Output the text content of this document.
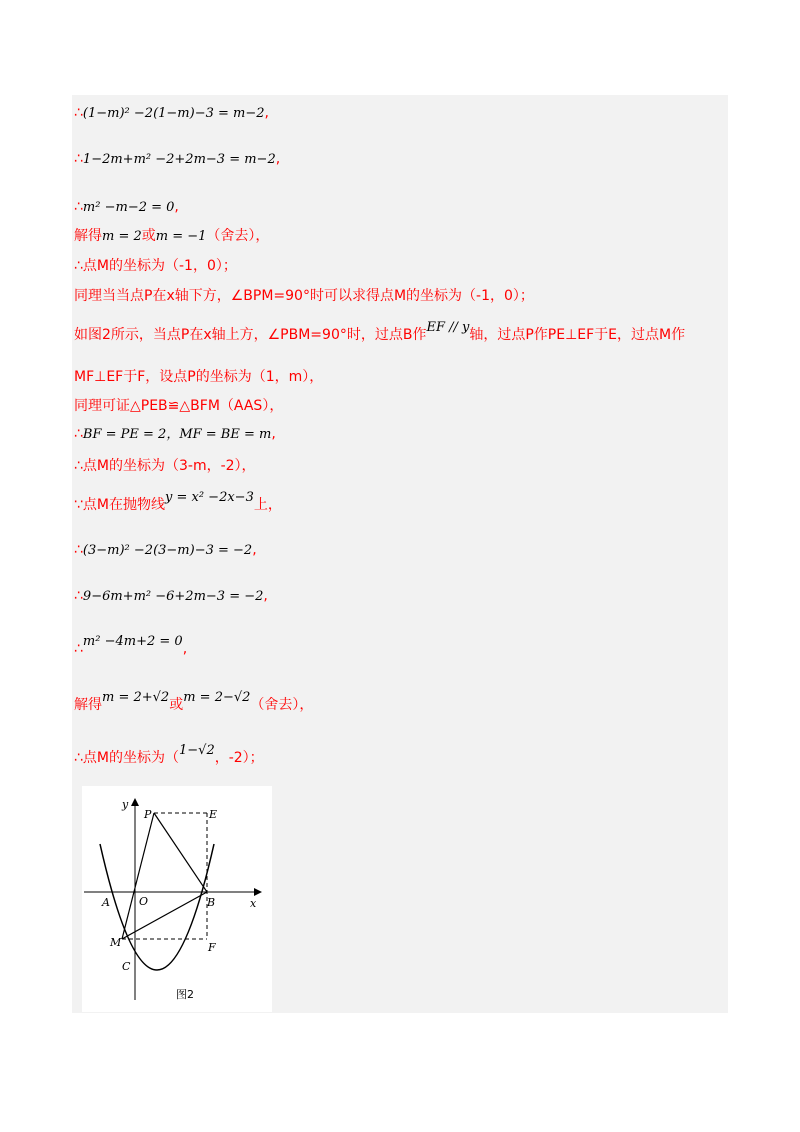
∴(1−m)² −2(1−m)−3 = m−2,
∴1−2m+m² −2+2m−3 = m−2,
∴m² −m−2 = 0,
解得m = 2或m = −1（舍去），
∴点M的坐标为（-1，0）；
同理当当点P在x轴下方，∠BPM=90°时可以求得点M的坐标为（-1，0）；
如图2所示，当点P在x轴上方，∠PBM=90°时，过点B作EF // y轴，过点P作PE⊥EF于E，过点M作
MF⊥EF于F，设点P的坐标为（1，m），
同理可证△PEB≌△BFM（AAS），
∴BF = PE = 2，MF = BE = m,
∴点M的坐标为（3-m，-2），
∵点M在抛物线y = x² −2x−3上，
∴(3−m)² −2(3−m)−3 = −2,
∴9−6m+m² −6+2m−3 = −2,
∴m² −4m+2 = 0,
解得m = 2+√2或m = 2−√2（舍去），
∴点M的坐标为（1−√2，-2）；
y
x
P	E
A	O	B
M	F
C
图2
